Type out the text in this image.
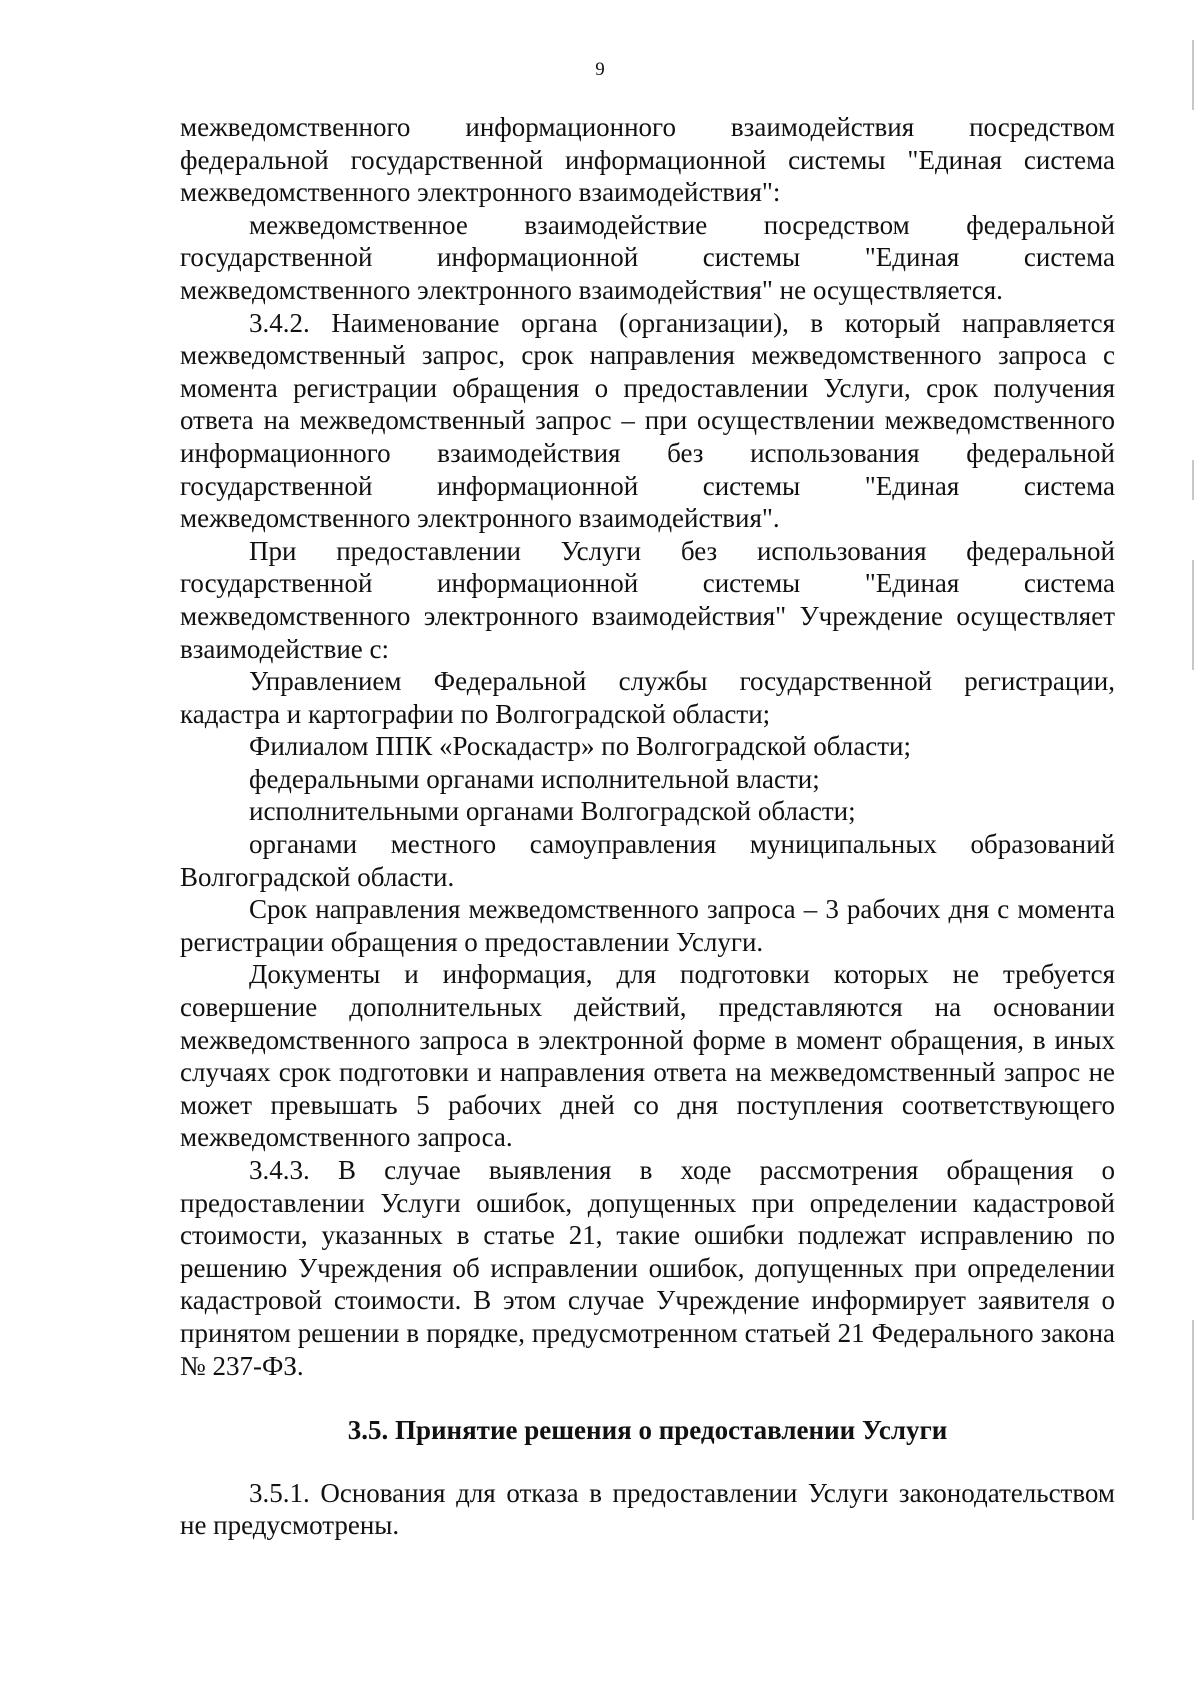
9

межведомственного информационного взаимодействия посредством федеральной государственной информационной системы "Единая система межведомственного электронного взаимодействия":

межведомственное взаимодействие посредством федеральной государственной информационной системы "Единая система межведомственного электронного взаимодействия" не осуществляется.

3.4.2. Наименование органа (организации), в который направляется межведомственный запрос, срок направления межведомственного запроса с момента регистрации обращения о предоставлении Услуги, срок получения ответа на межведомственный запрос – при осуществлении межведомственного информационного взаимодействия без использования федеральной государственной информационной системы "Единая система межведомственного электронного взаимодействия".

При предоставлении Услуги без использования федеральной государственной информационной системы "Единая система межведомственного электронного взаимодействия" Учреждение осуществляет взаимодействие с:

Управлением Федеральной службы государственной регистрации, кадастра и картографии по Волгоградской области;

Филиалом ППК «Роскадастр» по Волгоградской области;

федеральными органами исполнительной власти;

исполнительными органами Волгоградской области;

органами местного самоуправления муниципальных образований Волгоградской области.

Срок направления межведомственного запроса – 3 рабочих дня с момента регистрации обращения о предоставлении Услуги.

Документы и информация, для подготовки которых не требуется совершение дополнительных действий, представляются на основании межведомственного запроса в электронной форме в момент обращения, в иных случаях срок подготовки и направления ответа на межведомственный запрос не может превышать 5 рабочих дней со дня поступления соответствующего межведомственного запроса.

3.4.3. В случае выявления в ходе рассмотрения обращения о предоставлении Услуги ошибок, допущенных при определении кадастровой стоимости, указанных в статье 21, такие ошибки подлежат исправлению по решению Учреждения об исправлении ошибок, допущенных при определении кадастровой стоимости. В этом случае Учреждение информирует заявителя о принятом решении в порядке, предусмотренном статьей 21 Федерального закона № 237-ФЗ.

3.5. Принятие решения о предоставлении Услуги

3.5.1. Основания для отказа в предоставлении Услуги законодательством не предусмотрены.
